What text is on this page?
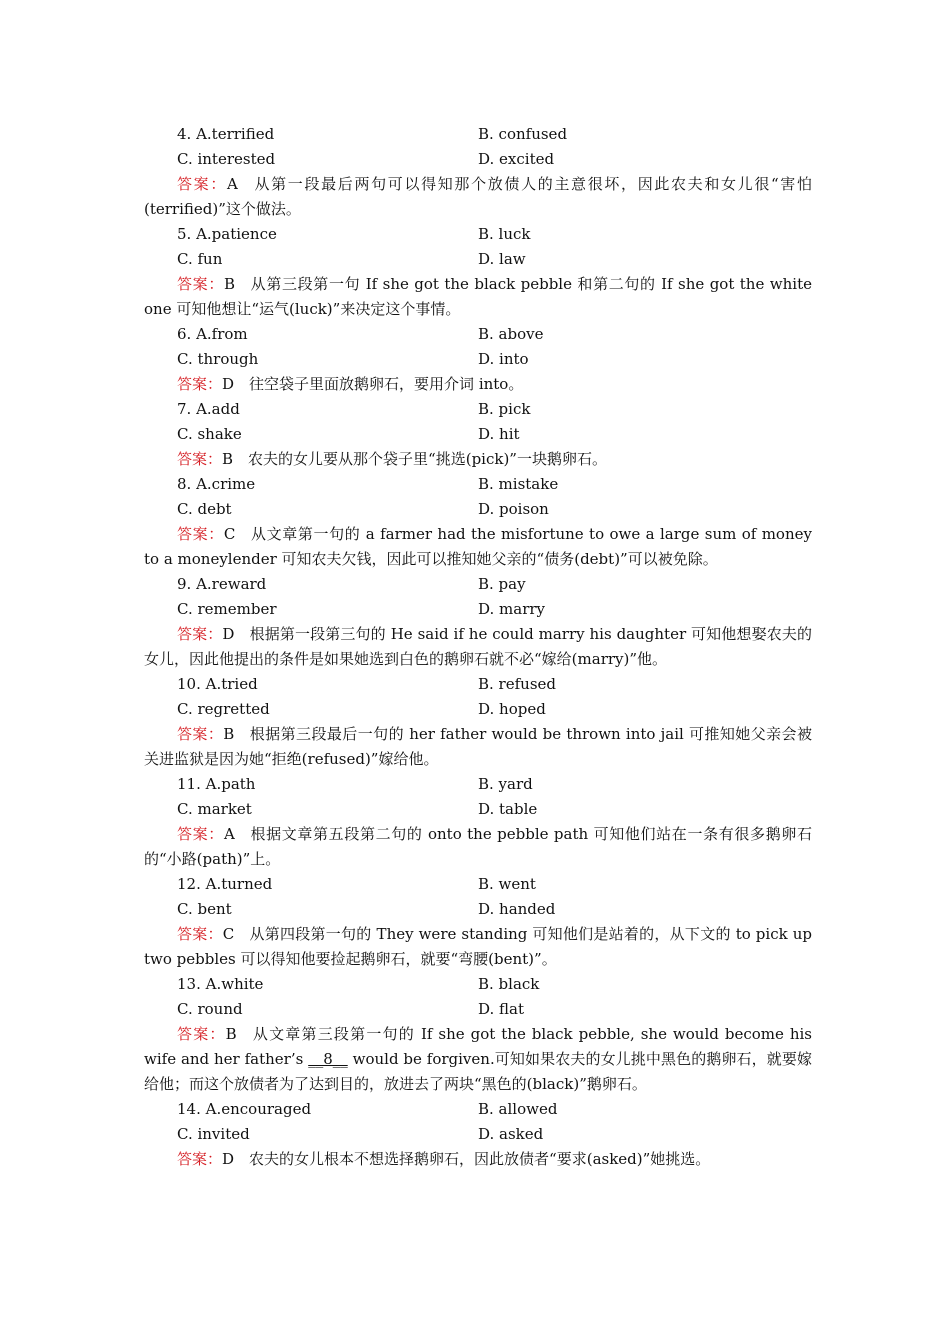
4. A.terrified	B. confused
C. interested	D. excited
答案：A  从第一段最后两句可以得知那个放债人的主意很坏，因此农夫和女儿很“害怕(terrified)”这个做法。
5. A.patience	B. luck
C. fun	D. law
答案：B  从第三段第一句 If she got the black pebble 和第二句的 If she got the white one 可知他想让“运气(luck)”来决定这个事情。
6. A.from	B. above
C. through	D. into
答案：D  往空袋子里面放鹅卵石，要用介词 into。
7. A.add	B. pick
C. shake	D. hit
答案：B  农夫的女儿要从那个袋子里“挑选(pick)”一块鹅卵石。
8. A.crime	B. mistake
C. debt	D. poison
答案：C  从文章第一句的 a farmer had the misfortune to owe a large sum of money to a moneylender 可知农夫欠钱，因此可以推知她父亲的“债务(debt)”可以被免除。
9. A.reward	B. pay
C. remember	D. marry
答案：D  根据第一段第三句的 He said if he could marry his daughter 可知他想娶农夫的女儿，因此他提出的条件是如果她选到白色的鹅卵石就不必“嫁给(marry)”他。
10. A.tried	B. refused
C. regretted	D. hoped
答案：B  根据第三段最后一句的 her father would be thrown into jail 可推知她父亲会被关进监狱是因为她“拒绝(refused)”嫁给他。
11. A.path	B. yard
C. market	D. table
答案：A  根据文章第五段第二句的 onto the pebble path 可知他们站在一条有很多鹅卵石的“小路(path)”上。
12. A.turned	B. went
C. bent	D. handed
答案：C  从第四段第一句的 They were standing 可知他们是站着的，从下文的 to pick up two pebbles 可以得知他要捡起鹅卵石，就要“弯腰(bent)”。
13. A.white	B. black
C. round	D. flat
答案：B  从文章第三段第一句的 If she got the black pebble, she would become his wife and her father’s __8__ would be forgiven.可知如果农夫的女儿挑中黑色的鹅卵石，就要嫁给他；而这个放债者为了达到目的，放进去了两块“黑色的(black)”鹅卵石。
14. A.encouraged	B. allowed
C. invited	D. asked
答案：D  农夫的女儿根本不想选择鹅卵石，因此放债者“要求(asked)”她挑选。
